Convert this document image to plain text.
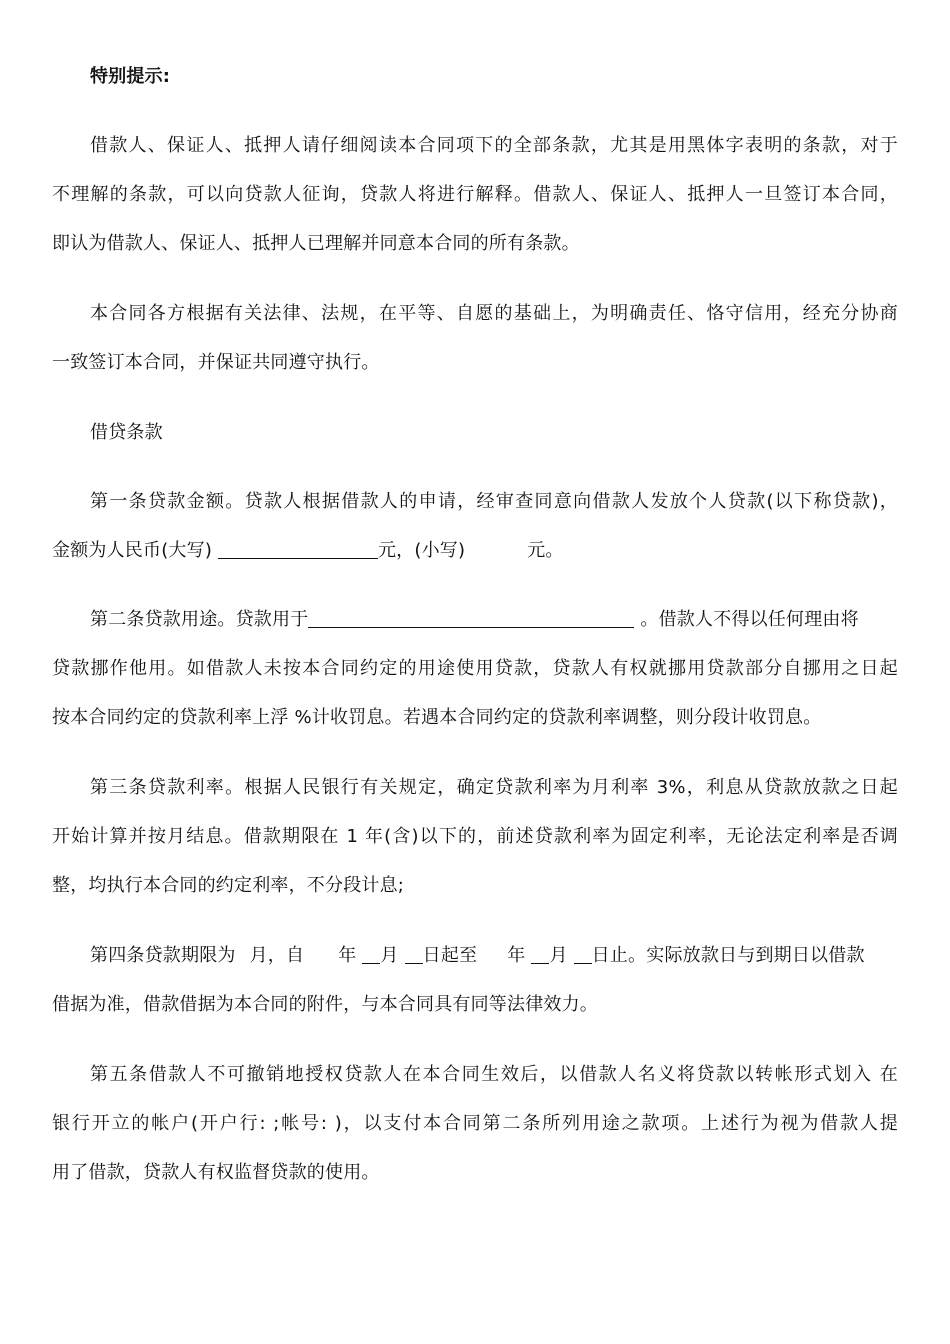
特别提示:
借款人、保证人、抵押人请仔细阅读本合同项下的全部条款，尤其是用黑体字表明的条款，对于
不理解的条款，可以向贷款人征询，贷款人将进行解释。借款人、保证人、抵押人一旦签订本合同，
即认为借款人、保证人、抵押人已理解并同意本合同的所有条款。
本合同各方根据有关法律、法规，在平等、自愿的基础上，为明确责任、恪守信用，经充分协商
一致签订本合同，并保证共同遵守执行。
借贷条款
第一条贷款金额。贷款人根据借款人的申请，经审查同意向借款人发放个人贷款(以下称贷款)，
金额为人民币(大写)	元，(小写)	元。
第二条贷款用途。贷款用于	。借款人不得以任何理由将
贷款挪作他用。如借款人未按本合同约定的用途使用贷款，贷款人有权就挪用贷款部分自挪用之日起
按本合同约定的贷款利率上浮 %计收罚息。若遇本合同约定的贷款利率调整，则分段计收罚息。
第三条贷款利率。根据人民银行有关规定，确定贷款利率为月利率 3%，利息从贷款放款之日起
开始计算并按月结息。借款期限在 1 年(含)以下的，前述贷款利率为固定利率，无论法定利率是否调
整，均执行本合同的约定利率，不分段计息;
第四条贷款期限为 月，自 年 月 日起至 年 月 日止。实际放款日与到期日以借款
借据为准，借款借据为本合同的附件，与本合同具有同等法律效力。
第五条借款人不可撤销地授权贷款人在本合同生效后，以借款人名义将贷款以转帐形式划入 在
银行开立的帐户(开户行: ;帐号: )，以支付本合同第二条所列用途之款项。上述行为视为借款人提
用了借款，贷款人有权监督贷款的使用。
